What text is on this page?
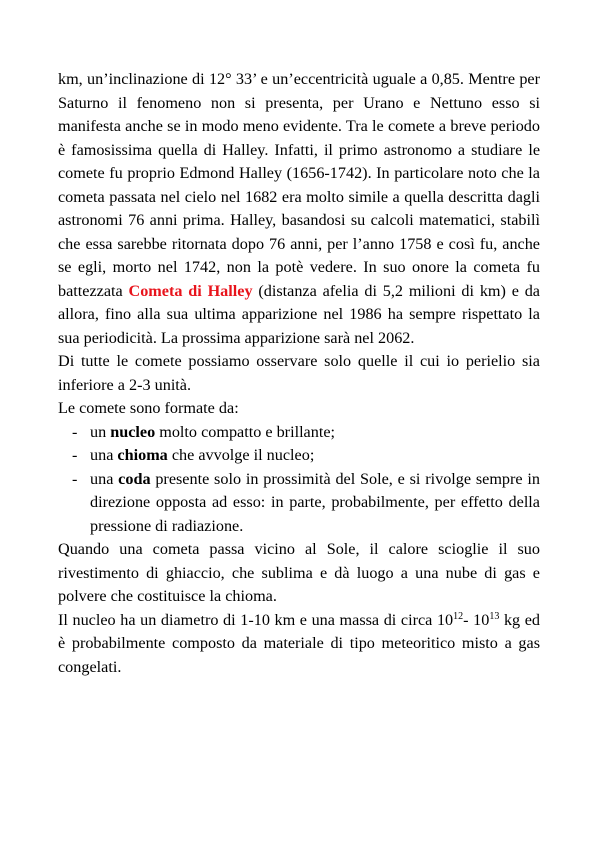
km, un’inclinazione di 12° 33’ e un’eccentricità uguale a 0,85. Mentre per Saturno il fenomeno non si presenta, per Urano e Nettuno esso si manifesta anche se in modo meno evidente. Tra le comete a breve periodo è famosissima quella di Halley. Infatti, il primo astronomo a studiare le comete fu proprio Edmond Halley (1656-1742). In particolare noto che la cometa passata nel cielo nel 1682 era molto simile a quella descritta dagli astronomi 76 anni prima. Halley, basandosi su calcoli matematici, stabilì che essa sarebbe ritornata dopo 76 anni, per l’anno 1758 e così fu, anche se egli, morto nel 1742, non la potè vedere. In suo onore la cometa fu battezzata Cometa di Halley (distanza afelia di 5,2 milioni di km) e da allora, fino alla sua ultima apparizione nel 1986 ha sempre rispettato la sua periodicità. La prossima apparizione sarà nel 2062.

Di tutte le comete possiamo osservare solo quelle il cui io perielio sia inferiore a 2-3 unità.

Le comete sono formate da:

- un nucleo molto compatto e brillante;
- una chioma che avvolge il nucleo;
- una coda presente solo in prossimità del Sole, e si rivolge sempre in direzione opposta ad esso: in parte, probabilmente, per effetto della pressione di radiazione.

Quando una cometa passa vicino al Sole, il calore scioglie il suo rivestimento di ghiaccio, che sublima e dà luogo a una nube di gas e polvere che costituisce la chioma.

Il nucleo ha un diametro di 1-10 km e una massa di circa $10^{12}-$ $10^{13}$ kg ed è probabilmente composto da materiale di tipo meteoritico misto a gas congelati.
